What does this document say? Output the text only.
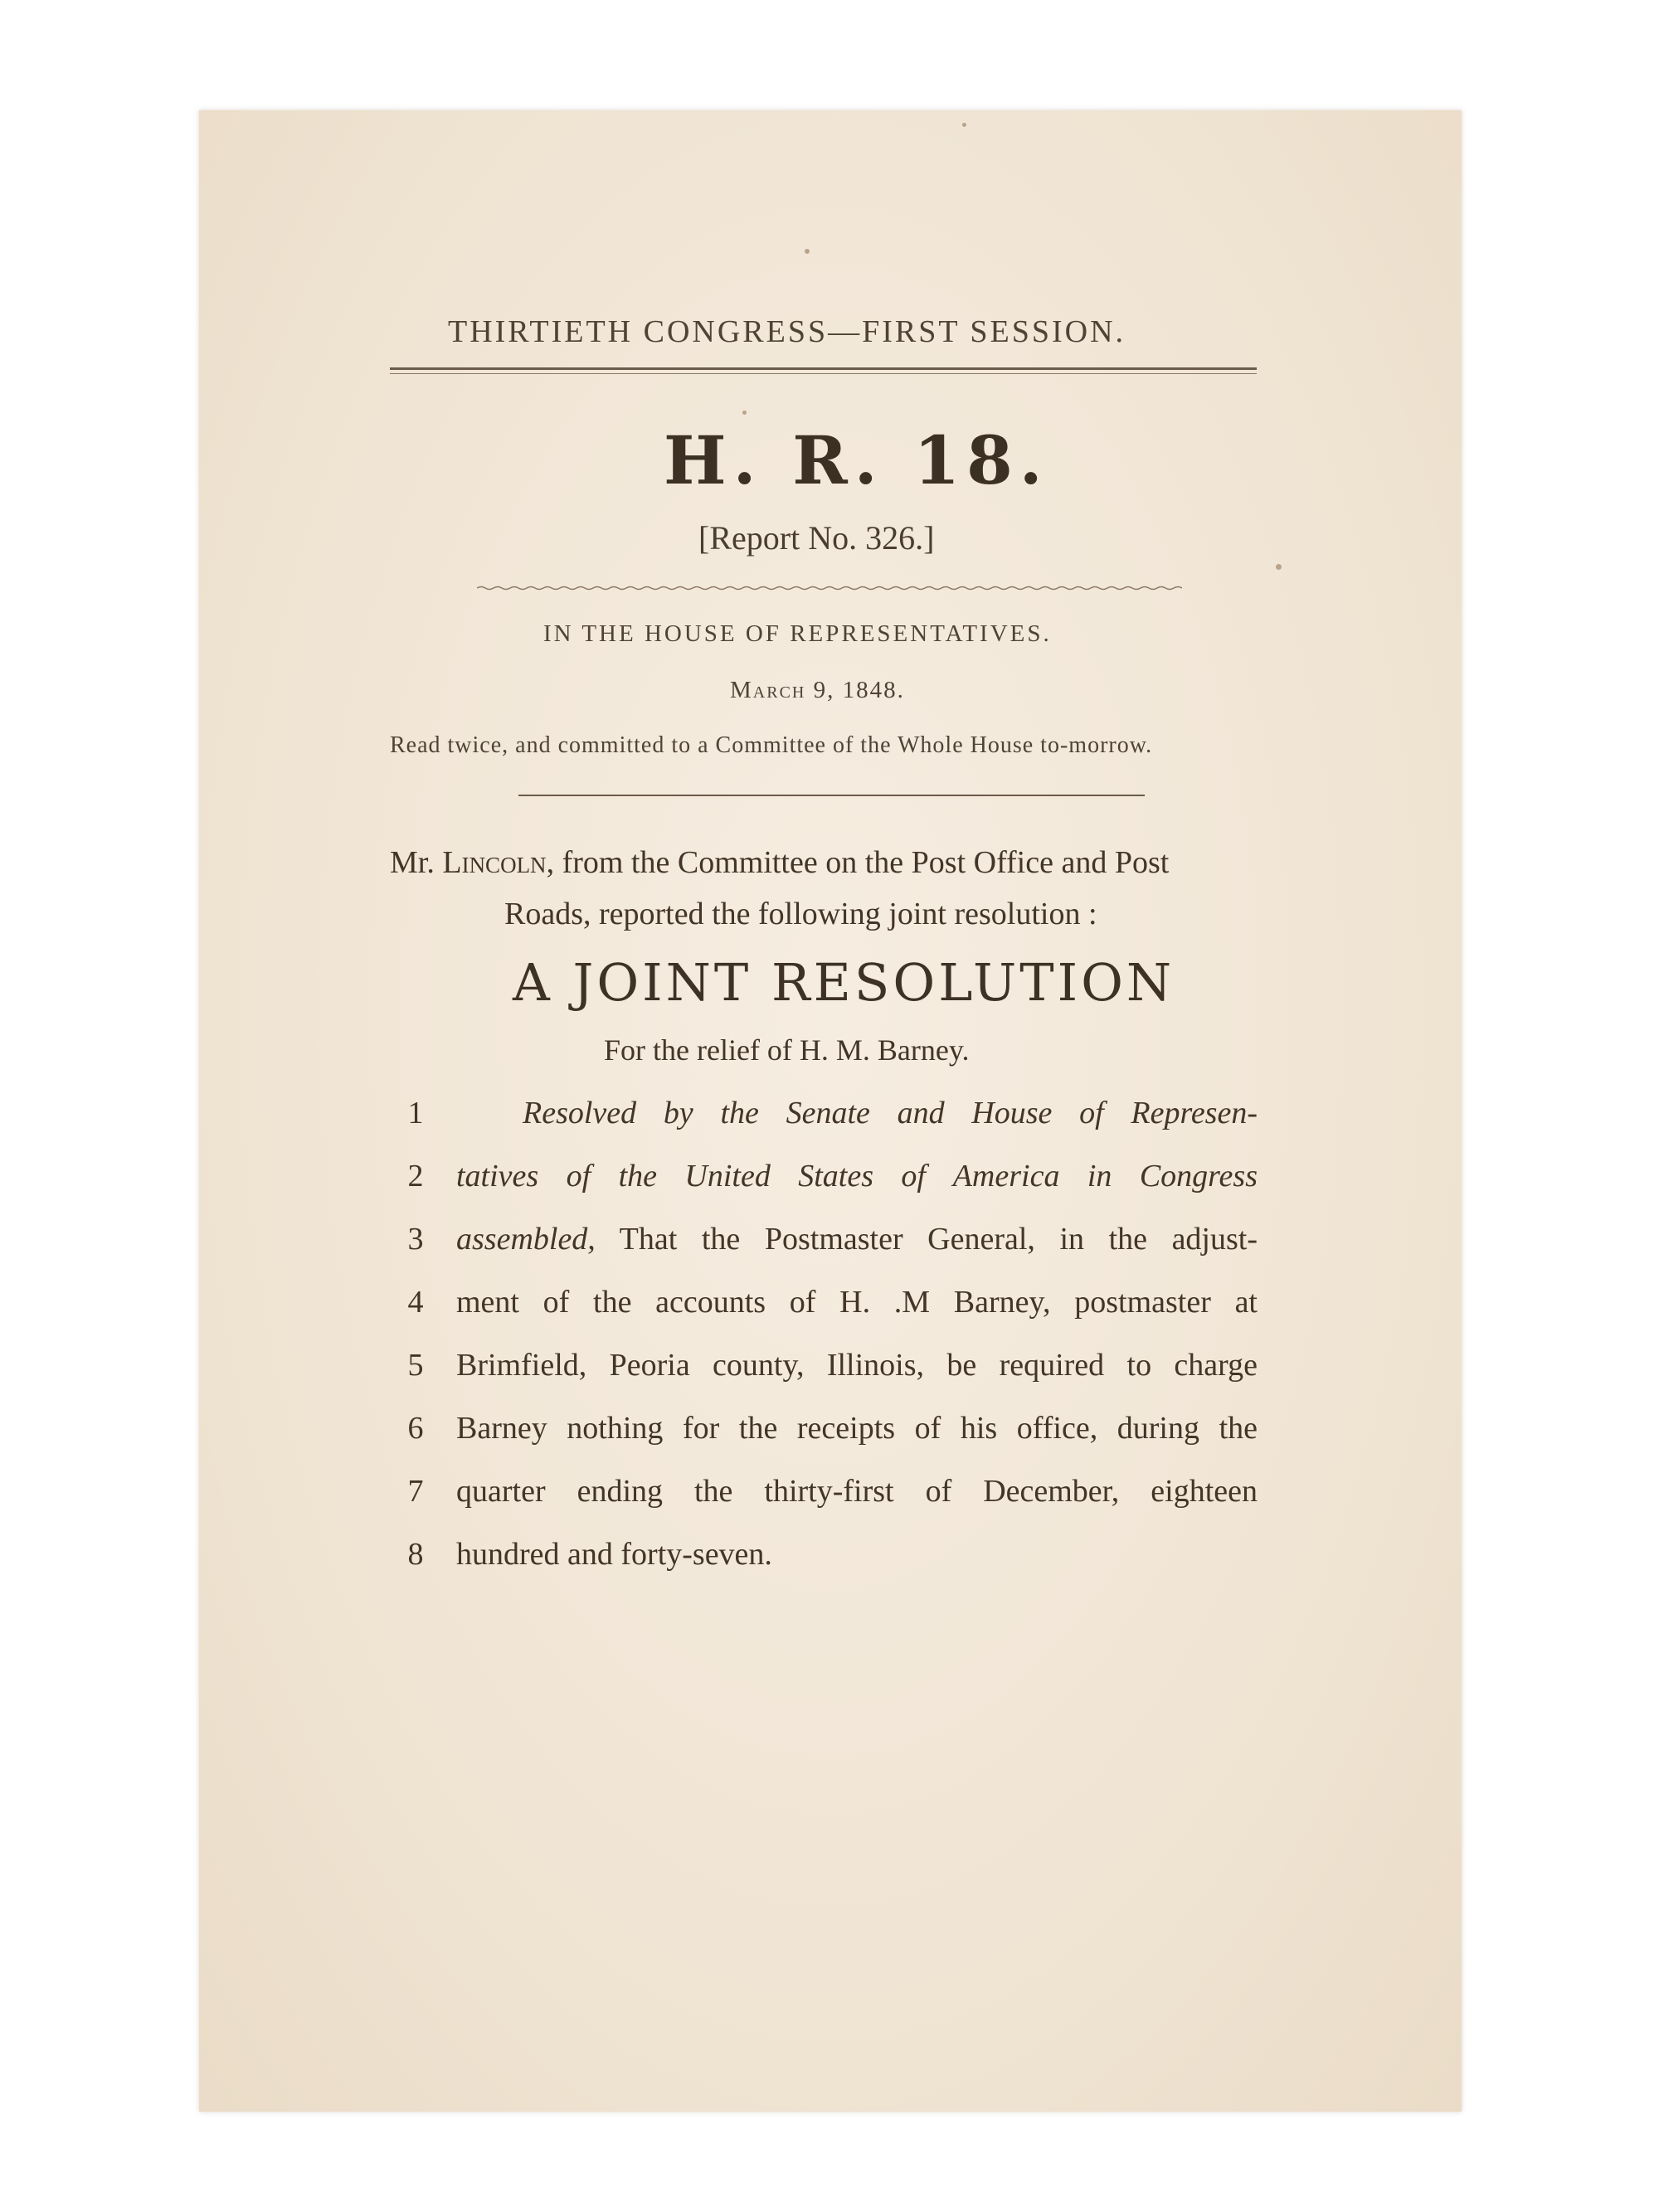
THIRTIETH CONGRESS—FIRST SESSION.
H. R. 18.
[Report No. 326.]
IN THE HOUSE OF REPRESENTATIVES.
March 9, 1848.
Read twice, and committed to a Committee of the Whole House to-morrow.
Mr. Lincoln, from the Committee on the Post Office and Post
Roads, reported the following joint resolution :
A JOINT RESOLUTION
For the relief of H. M. Barney.
1	Resolved by the Senate and House of Represen-
2 tatives of the United States of America in Congress
3 assembled, That the Postmaster General, in the adjust-
4 ment of the accounts of H. .M Barney, postmaster at
5 Brimfield, Peoria county, Illinois, be required to charge
6 Barney nothing for the receipts of his office, during the
7 quarter ending the thirty-first of December, eighteen
8 hundred and forty-seven.
